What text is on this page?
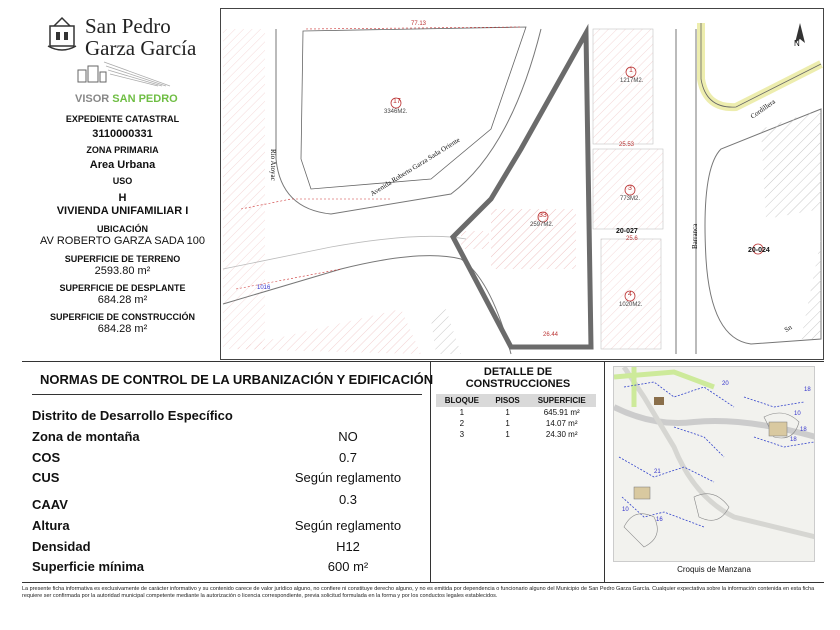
San Pedro
Garza García
VISOR SAN PEDRO
EXPEDIENTE CATASTRAL
3110000331
ZONA PRIMARIA
Area Urbana
USO
H
VIVIENDA UNIFAMILIAR I
UBICACIÓN
AV ROBERTO GARZA SADA 100
SUPERFICIE DE TERRENO
2593.80 m²
SUPERFICIE DE DESPLANTE
684.28 m²
SUPERFICIE DE CONSTRUCCIÓN
684.28 m²
N
17
3346M2.
33
2597M2.
1
1217M2.
3
773M2.
4
1020M2.
20-027
20-024
77.13
25.53
25.6
26.44
1016
Avenida Roberto Garza Sada Oriente
Río Atoyac
Barranca
Cordillera
Sn
NORMAS DE CONTROL DE LA URBANIZACIÓN Y EDIFICACIÓN
Distrito de Desarrollo Específico
Zona de montaña	NO
COS	0.7
CUS	Según reglamento
CAAV	0.3
Altura	Según reglamento
Densidad	H12
Superficie mínima	600 m²
DETALLE DE
CONSTRUCCIONES
BLOQUE	PISOS	SUPERFICIE
1	1	645.91 m²
2	1	14.07 m²
3	1	24.30 m²
20
10
18
18
21
10
16
18
Croquis de Manzana
La presente ficha informativa es exclusivamente de carácter informativo y su contenido carece de valor jurídico alguno, no confiere ni constituye derecho alguno, y no es emitida por dependencia o funcionario alguno del Municipio de San Pedro Garza García. Cualquier expectativa sobre la información contenida en esta ficha requiere ser confirmada por la autoridad municipal competente mediante la autorización o licencia correspondiente, previa solicitud formulada en la forma y por los conductos legales establecidos.
